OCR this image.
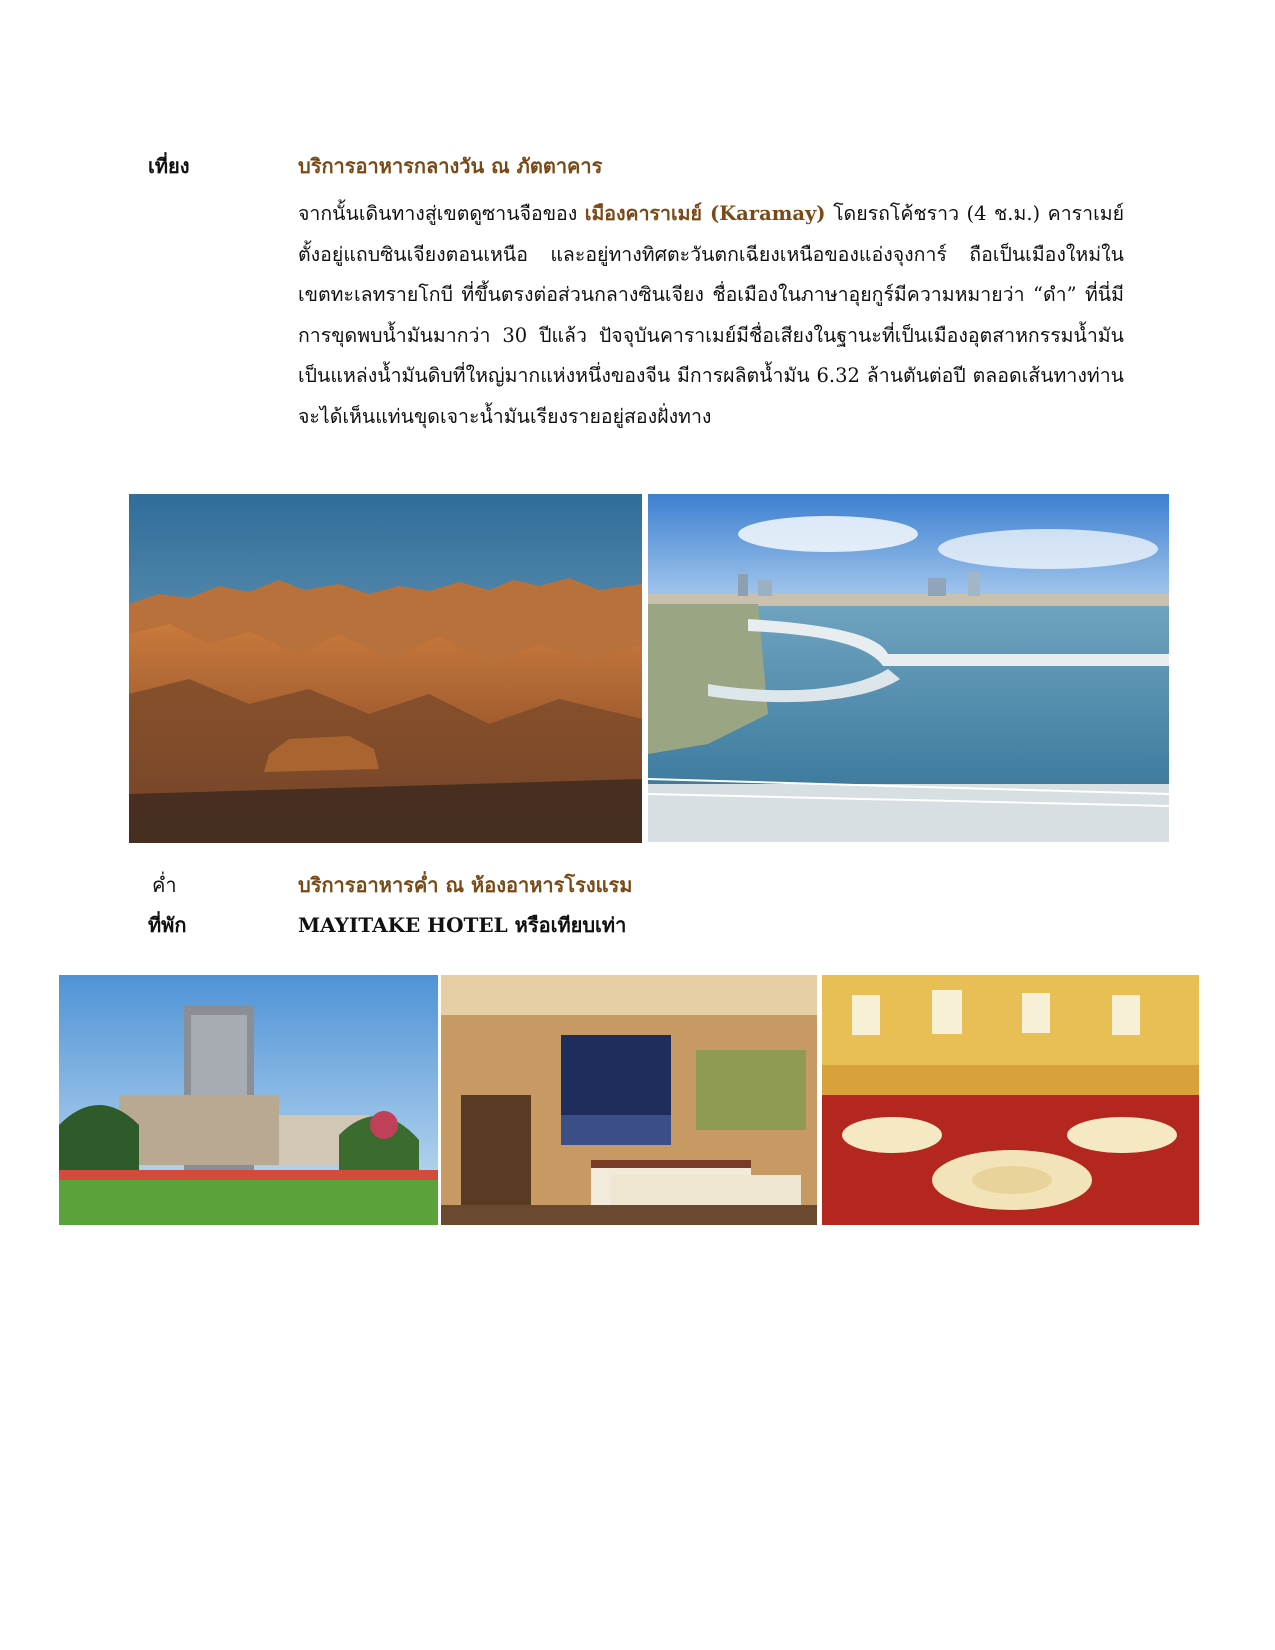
เที่ยง	บริการอาหารกลางวัน ณ ภัตตาคาร

จากนั้นเดินทางสู่เขตดูซานจือของ เมืองคาราเมย์ (Karamay) โดยรถโค้ชราว (4 ช.ม.) คาราเมย์ตั้งอยู่แถบซินเจียงตอนเหนือ และอยู่ทางทิศตะวันตกเฉียงเหนือของแอ่งจุงการ์ ถือเป็นเมืองใหม่ในเขตทะเลทรายโกบี ที่ขึ้นตรงต่อส่วนกลางซินเจียง ชื่อเมืองในภาษาอุยกูร์มีความหมายว่า “ดำ” ที่นี่มีการขุดพบน้ำมันมากว่า 30 ปีแล้ว ปัจจุบันคาราเมย์มีชื่อเสียงในฐานะที่เป็นเมืองอุตสาหกรรมน้ำมัน เป็นแหล่งน้ำมันดิบที่ใหญ่มากแห่งหนึ่งของจีน มีการผลิตน้ำมัน 6.32 ล้านตันต่อปี ตลอดเส้นทางท่านจะได้เห็นแท่นขุดเจาะน้ำมันเรียงรายอยู่สองฝั่งทาง

ค่ำ	บริการอาหารค่ำ ณ ห้องอาหารโรงแรม
ที่พัก	MAYITAKE HOTEL หรือเทียบเท่า
